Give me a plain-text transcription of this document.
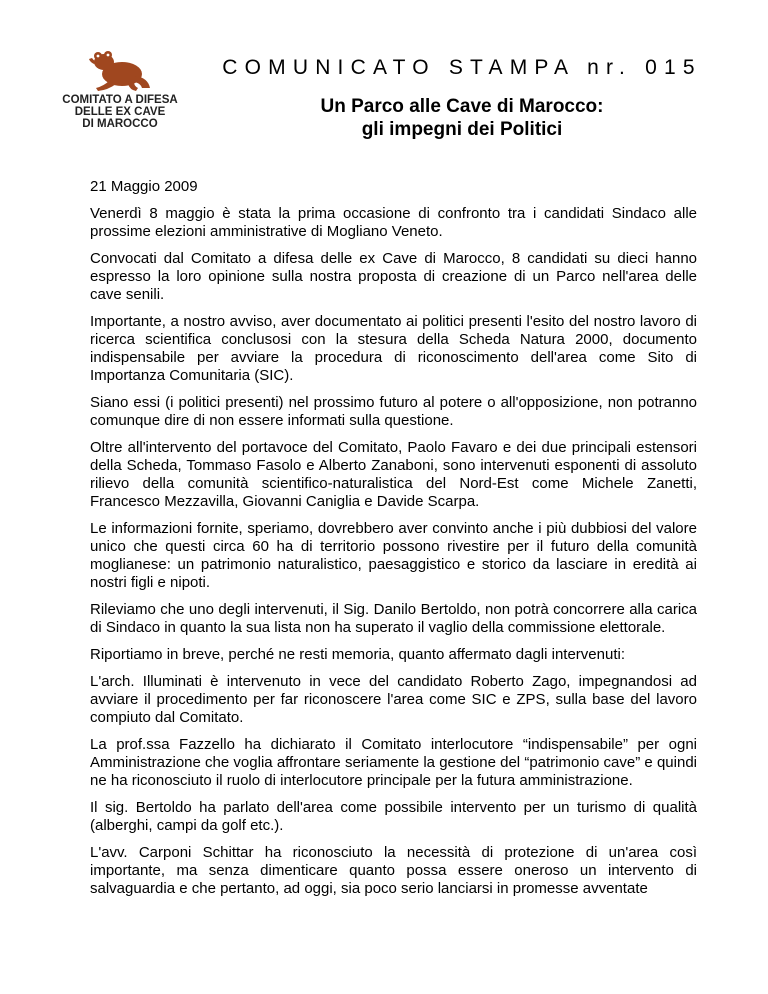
COMITATO A DIFESA
DELLE EX CAVE
DI MAROCCO
COMUNICATO STAMPA nr. 015
Un Parco alle Cave di Marocco:
gli impegni dei Politici

21 Maggio 2009

Venerdì 8 maggio è stata la prima occasione di confronto tra i candidati Sindaco alle prossime elezioni amministrative di Mogliano Veneto.

Convocati dal Comitato a difesa delle ex Cave di Marocco, 8 candidati su dieci hanno espresso la loro opinione sulla nostra proposta di creazione di un Parco nell'area delle cave senili.

Importante, a nostro avviso, aver documentato ai politici presenti l'esito del nostro lavoro di ricerca scientifica conclusosi con la stesura della Scheda Natura 2000, documento indispensabile per avviare la procedura di riconoscimento dell'area come Sito di Importanza Comunitaria (SIC).

Siano essi (i politici presenti) nel prossimo futuro al potere o all'opposizione, non potranno comunque dire di non essere informati sulla questione.

Oltre all'intervento del portavoce del Comitato, Paolo Favaro e dei due principali estensori della Scheda, Tommaso Fasolo e Alberto Zanaboni, sono intervenuti esponenti di assoluto rilievo della comunità scientifico-naturalistica del Nord-Est come Michele Zanetti, Francesco Mezzavilla, Giovanni Caniglia e Davide Scarpa.

Le informazioni fornite, speriamo, dovrebbero aver convinto anche i più dubbiosi del valore unico che questi circa 60 ha di territorio possono rivestire per il futuro della comunità moglianese: un patrimonio naturalistico, paesaggistico e storico da lasciare in eredità ai nostri figli e nipoti.

Rileviamo che uno degli intervenuti, il Sig. Danilo Bertoldo, non potrà concorrere alla carica di Sindaco in quanto la sua lista non ha superato il vaglio della commissione elettorale.

Riportiamo in breve, perché ne resti memoria, quanto affermato dagli intervenuti:

L'arch. Illuminati è intervenuto in vece del candidato Roberto Zago, impegnandosi ad avviare il procedimento per far riconoscere l'area come SIC e ZPS, sulla base del lavoro compiuto dal Comitato.

La prof.ssa Fazzello ha dichiarato il Comitato interlocutore “indispensabile” per ogni Amministrazione che voglia affrontare seriamente la gestione del “patrimonio cave” e quindi ne ha riconosciuto il ruolo di interlocutore principale per la futura amministrazione.

Il sig. Bertoldo ha parlato dell'area come possibile intervento per un turismo di qualità (alberghi, campi da golf etc.).

L'avv. Carponi Schittar ha riconosciuto la necessità di protezione di un'area così importante, ma senza dimenticare quanto possa essere oneroso un intervento di salvaguardia e che pertanto, ad oggi, sia poco serio lanciarsi in promesse avventate
